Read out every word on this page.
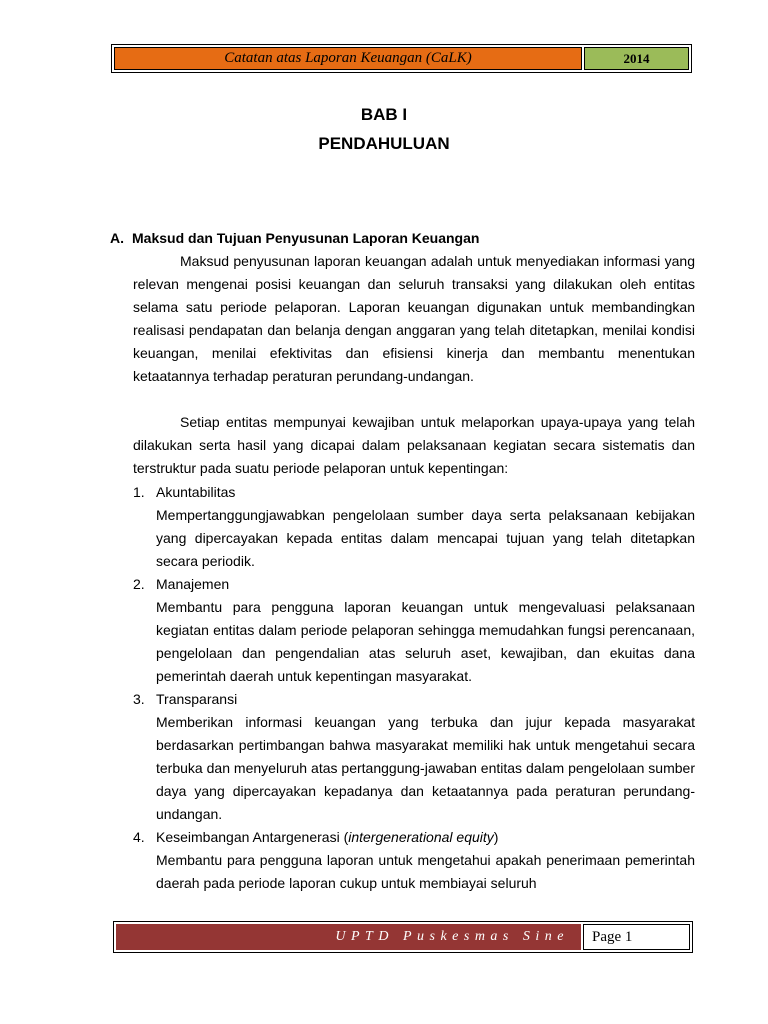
Catatan atas Laporan Keuangan (CaLK)	2014
BAB I
PENDAHULUAN
A. Maksud dan Tujuan Penyusunan Laporan Keuangan

Maksud penyusunan laporan keuangan adalah untuk menyediakan informasi yang relevan mengenai posisi keuangan dan seluruh transaksi yang dilakukan oleh entitas selama satu periode pelaporan. Laporan keuangan digunakan untuk membandingkan realisasi pendapatan dan belanja dengan anggaran yang telah ditetapkan, menilai kondisi keuangan, menilai efektivitas dan efisiensi kinerja dan membantu menentukan ketaatannya terhadap peraturan perundang-undangan.

Setiap entitas mempunyai kewajiban untuk melaporkan upaya-upaya yang telah dilakukan serta hasil yang dicapai dalam pelaksanaan kegiatan secara sistematis dan terstruktur pada suatu periode pelaporan untuk kepentingan:

1. Akuntabilitas

Mempertanggungjawabkan pengelolaan sumber daya serta pelaksanaan kebijakan yang dipercayakan kepada entitas dalam mencapai tujuan yang telah ditetapkan secara periodik.

2. Manajemen

Membantu para pengguna laporan keuangan untuk mengevaluasi pelaksanaan kegiatan entitas dalam periode pelaporan sehingga memudahkan fungsi perencanaan, pengelolaan dan pengendalian atas seluruh aset, kewajiban, dan ekuitas dana pemerintah daerah untuk kepentingan masyarakat.

3. Transparansi

Memberikan informasi keuangan yang terbuka dan jujur kepada masyarakat berdasarkan pertimbangan bahwa masyarakat memiliki hak untuk mengetahui secara terbuka dan menyeluruh atas pertanggung-jawaban entitas dalam pengelolaan sumber daya yang dipercayakan kepadanya dan ketaatannya pada peraturan perundang-undangan.

4. Keseimbangan Antargenerasi (intergenerational equity)

Membantu para pengguna laporan untuk mengetahui apakah penerimaan pemerintah daerah pada periode laporan cukup untuk membiayai seluruh

UPTD Puskesmas Sine	Page 1
